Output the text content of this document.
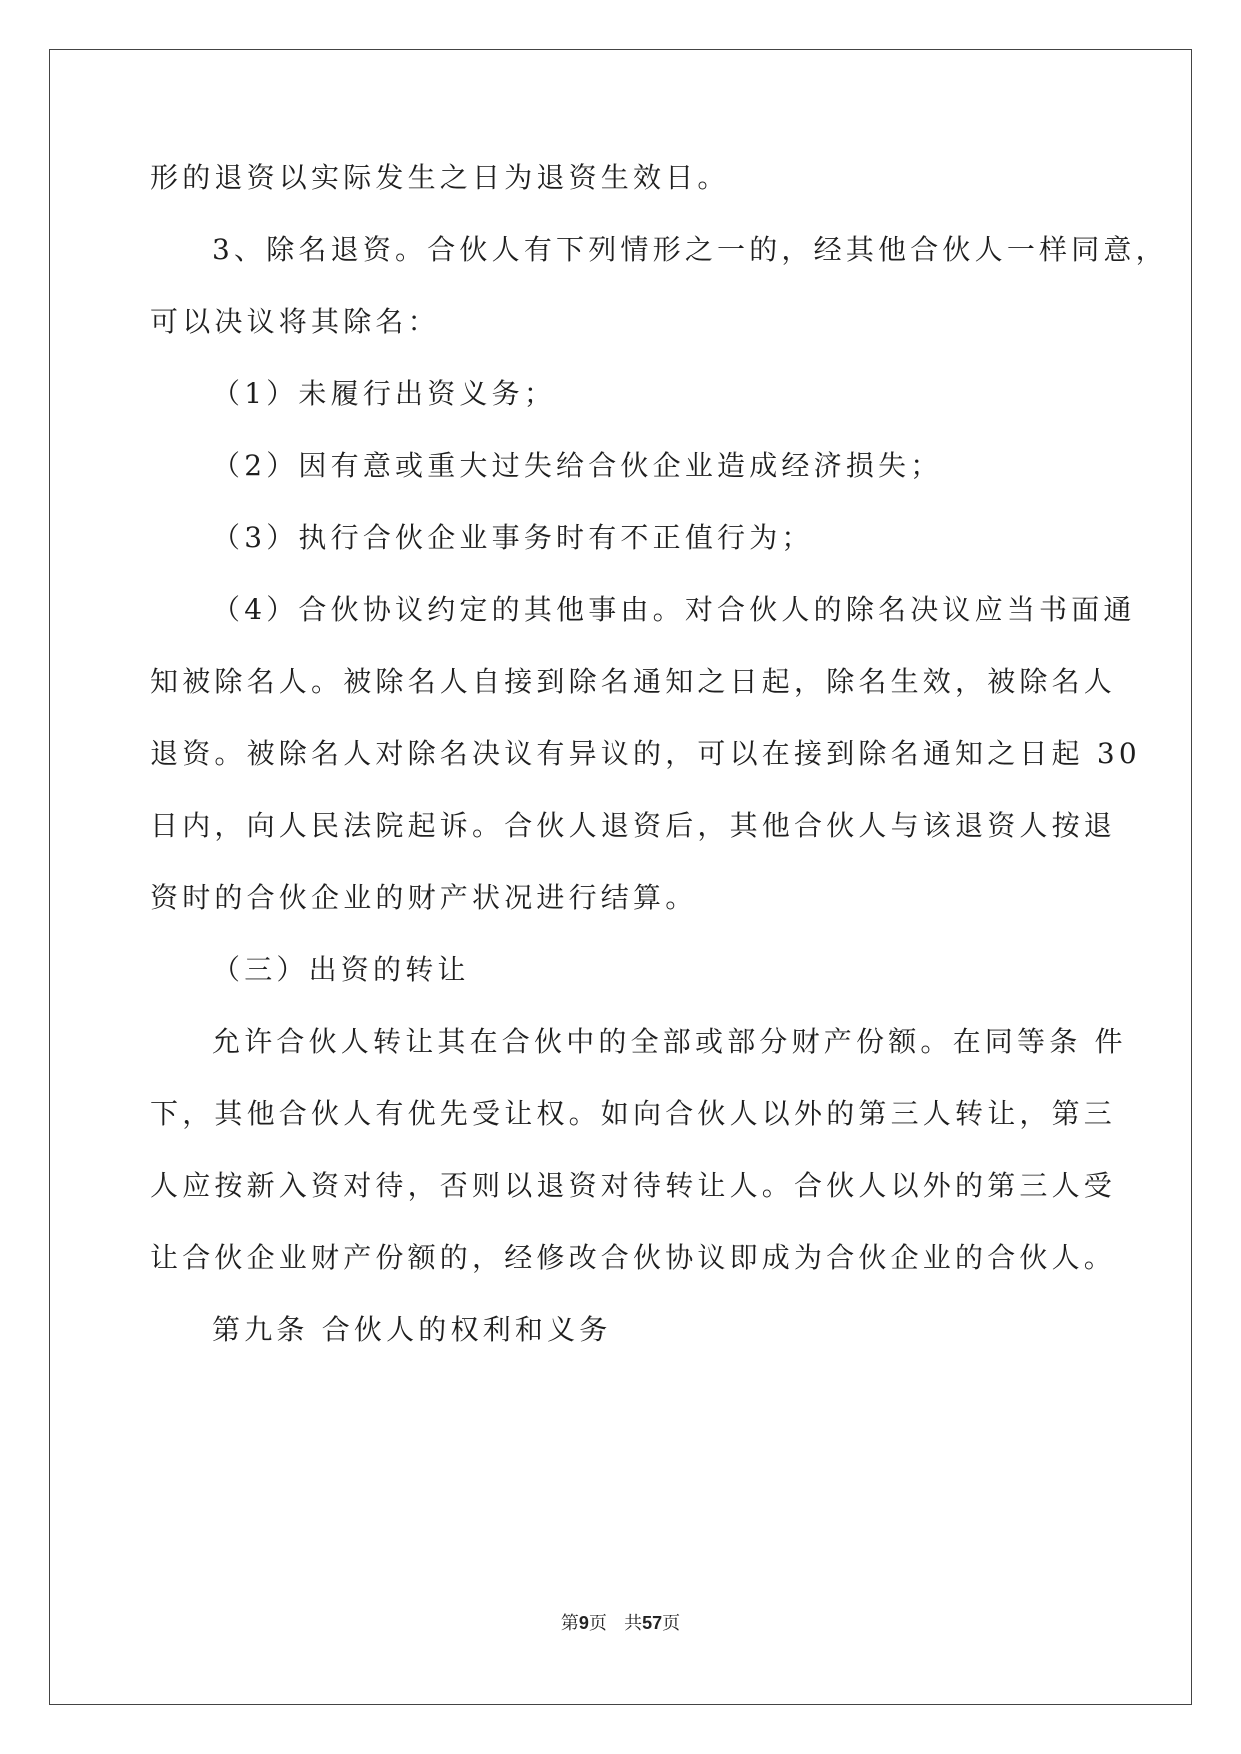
形的退资以实际发生之日为退资生效日。
3、除名退资。合伙人有下列情形之一的，经其他合伙人一样同意，
可以决议将其除名：
（1）未履行出资义务；
（2）因有意或重大过失给合伙企业造成经济损失；
（3）执行合伙企业事务时有不正值行为；
（4）合伙协议约定的其他事由。对合伙人的除名决议应当书面通
知被除名人。被除名人自接到除名通知之日起，除名生效，被除名人
退资。被除名人对除名决议有异议的，可以在接到除名通知之日起 30
日内，向人民法院起诉。合伙人退资后，其他合伙人与该退资人按退
资时的合伙企业的财产状况进行结算。
（三）出资的转让
允许合伙人转让其在合伙中的全部或部分财产份额。在同等条 件
下，其他合伙人有优先受让权。如向合伙人以外的第三人转让，第三
人应按新入资对待，否则以退资对待转让人。合伙人以外的第三人受
让合伙企业财产份额的，经修改合伙协议即成为合伙企业的合伙人。
第九条 合伙人的权利和义务
第9页 共57页
